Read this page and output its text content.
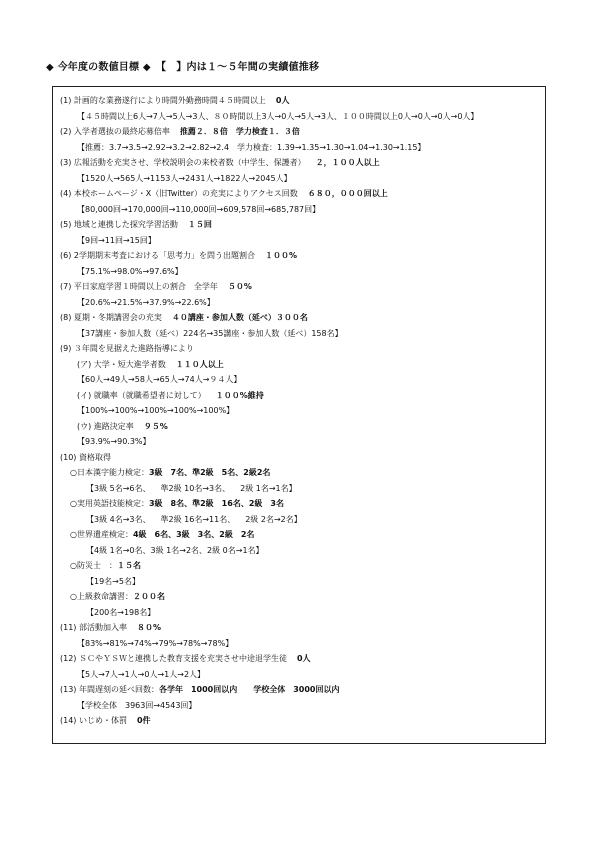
◆ 今年度の数値目標 ◆　【　】内は１～５年間の実績値推移
(1) 計画的な業務遂行により時間外勤務時間４５時間以上 0人
【４５時間以上6人→7人→5人→3人、８０時間以上3人→0人→5人→3人、１００時間以上0人→0人→0人→0人】
(2) 入学者選抜の最終応募倍率 推薦２．８倍　学力検査１．３倍
【推薦：3.7→3.5→2.92→3.2→2.82→2.4　学力検査：1.39→1.35→1.30→1.04→1.30→1.15】
(3) 広報活動を充実させ、学校説明会の来校者数（中学生、保護者） ２，１００人以上
【1520人→565人→1153人→2431人→1822人→2045人】
(4) 本校ホームページ・X（旧Twitter）の充実によりアクセス回数 ６８０，０００回以上
【80,000回→170,000回→110,000回→609,578回→685,787回】
(5) 地域と連携した探究学習活動 １５回
【9回→11回→15回】
(6) 2学期期末考査における「思考力」を問う出題割合 １００%
【75.1%→98.0%→97.6%】
(7) 平日家庭学習１時間以上の割合　全学年 ５０%
【20.6%→21.5%→37.9%→22.6%】
(8) 夏期・冬期講習会の充実 ４０講座・参加人数（延べ）３００名
【37講座・参加人数（延べ）224名→35講座・参加人数（延べ）158名】
(9) ３年間を見据えた進路指導により
(ア) 大学・短大進学者数 １１０人以上
【60人→49人→58人→65人→74人→９４人】
(イ) 就職率（就職希望者に対して） １００%維持
【100%→100%→100%→100%→100%】
(ウ) 進路決定率 ９５%
【93.9%→90.3%】
(10) 資格取得
○日本漢字能力検定：3級　7名、準2級　5名、2級2名
【3級 5名→6名、 準2級 10名→3名、 2級 1名→1名】
○実用英語技能検定：3級　8名、準2級　16名、2級　3名
【3級 4名→3名、 準2級 16名→11名、 2級 2名→2名】
○世界遺産検定：4級　6名、3級　3名、2級　2名
【4級 1名→0名、3級 1名→2名、2級 0名→1名】
○防災士　：１５名
【19名→5名】
○上級救命講習：２００名
【200名→198名】
(11) 部活動加入率 ８０%
【83%→81%→74%→79%→78%→78%】
(12) ＳＣやＹＳＷと連携した教育支援を充実させ中途退学生徒 0人
【5人→7人→1人→0人→1人→2人】
(13) 年間遅刻の延べ回数：各学年　1000回以内　　学校全体　3000回以内
【学校全体　3963回→4543回】
(14) いじめ・体罰 0件
